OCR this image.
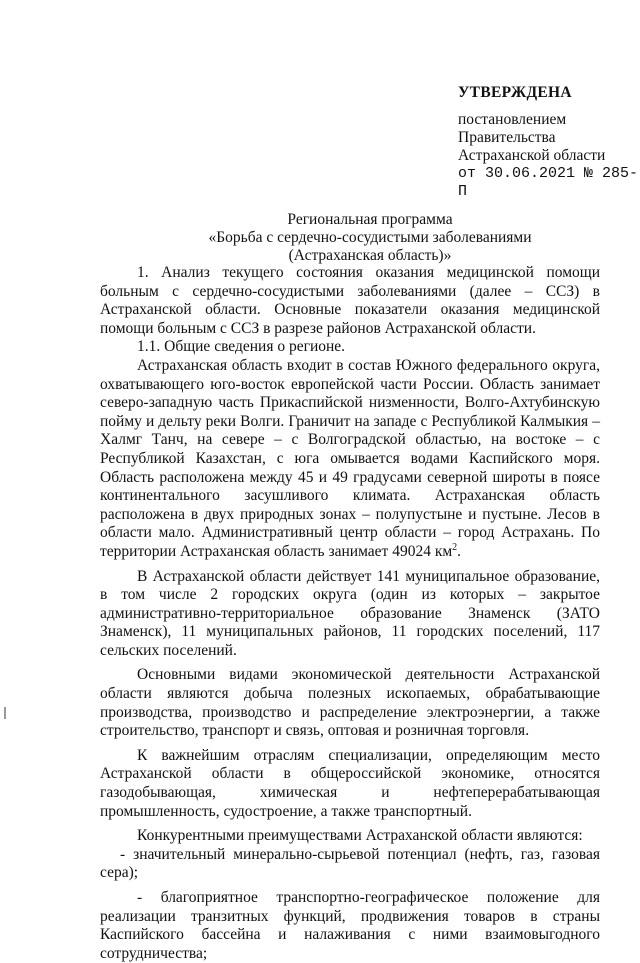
УТВЕРЖДЕНА
постановлением
Правительства
Астраханской области
от 30.06.2021 № 285-П
Региональная программа
«Борьба с сердечно-сосудистыми заболеваниями
(Астраханская область)»

1. Анализ текущего состояния оказания медицинской помощи больным с сердечно-сосудистыми заболеваниями (далее – ССЗ) в Астраханской области. Основные показатели оказания медицинской помощи больным с ССЗ в разрезе районов Астраханской области.

1.1. Общие сведения о регионе.

Астраханская область входит в состав Южного федерального округа, охватывающего юго-восток европейской части России. Область занимает северо-западную часть Прикаспийской низменности, Волго-Ахтубинскую пойму и дельту реки Волги. Граничит на западе с Республикой Калмыкия – Халмг Танч, на севере – с Волгоградской областью, на востоке – с Республикой Казахстан, с юга омывается водами Каспийского моря. Область расположена между 45 и 49 градусами северной широты в поясе континентального засушливого климата. Астраханская область расположена в двух природных зонах – полупустыне и пустыне. Лесов в области мало. Административный центр области – город Астрахань. По территории Астраханская область занимает 49024 $км^2$.

В Астраханской области действует 141 муниципальное образование, в том числе 2 городских округа (один из которых – закрытое административно-территориальное образование Знаменск (ЗАТО Знаменск), 11 муниципальных районов, 11 городских поселений, 117 сельских поселений.

Основными видами экономической деятельности Астраханской области являются добыча полезных ископаемых, обрабатывающие производства, производство и распределение электроэнергии, а также строительство, транспорт и связь, оптовая и розничная торговля.

К важнейшим отраслям специализации, определяющим место Астраханской области в общероссийской экономике, относятся газодобывающая, химическая и нефтеперерабатывающая промышленность, судостроение, а также транспортный.

Конкурентными преимуществами Астраханской области являются:

- значительный минерально-сырьевой потенциал (нефть, газ, газовая сера);

- благоприятное транспортно-географическое положение для реализации транзитных функций, продвижения товаров в страны Каспийского бассейна и налаживания с ними взаимовыгодного сотрудничества;
